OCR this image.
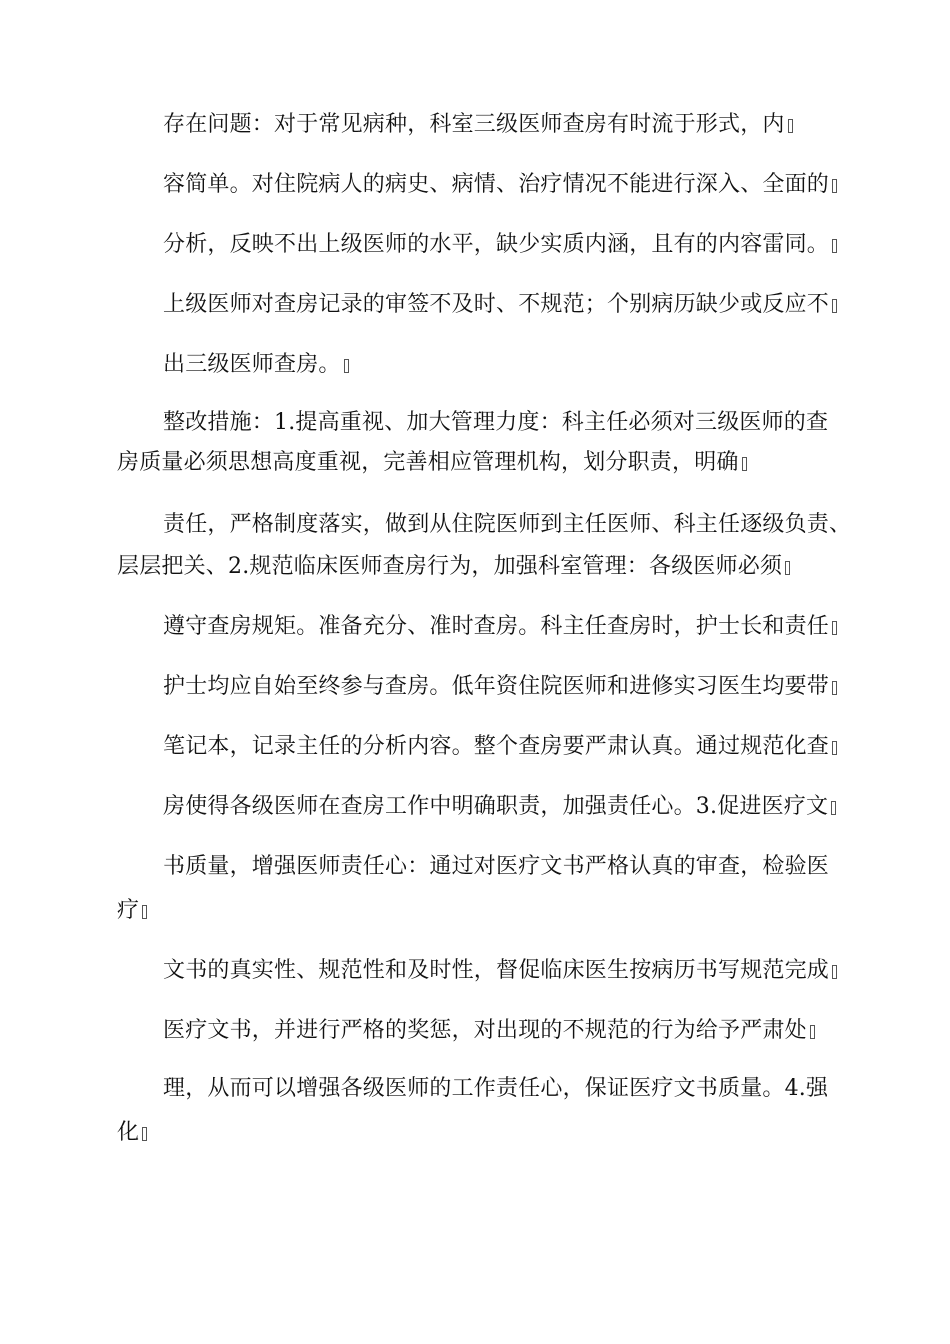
存在问题：对于常见病种，科室三级医师查房有时流于形式，内
容简单。对住院病人的病史、病情、治疗情况不能进行深入、全面的
分析，反映不出上级医师的水平，缺少实质内涵，且有的内容雷同。
上级医师对查房记录的审签不及时、不规范；个别病历缺少或反应不
出三级医师查房。
整改措施：1.提高重视、加大管理力度：科主任必须对三级医师的查
房质量必须思想高度重视，完善相应管理机构，划分职责，明确
责任，严格制度落实，做到从住院医师到主任医师、科主任逐级负责、
层层把关、2.规范临床医师查房行为，加强科室管理：各级医师必须
遵守查房规矩。准备充分、准时查房。科主任查房时，护士长和责任
护士均应自始至终参与查房。低年资住院医师和进修实习医生均要带
笔记本，记录主任的分析内容。整个查房要严肃认真。通过规范化查
房使得各级医师在查房工作中明确职责，加强责任心。3.促进医疗文
书质量，增强医师责任心：通过对医疗文书严格认真的审查，检验医
疗
文书的真实性、规范性和及时性，督促临床医生按病历书写规范完成
医疗文书，并进行严格的奖惩，对出现的不规范的行为给予严肃处
理，从而可以增强各级医师的工作责任心，保证医疗文书质量。4.强
化
